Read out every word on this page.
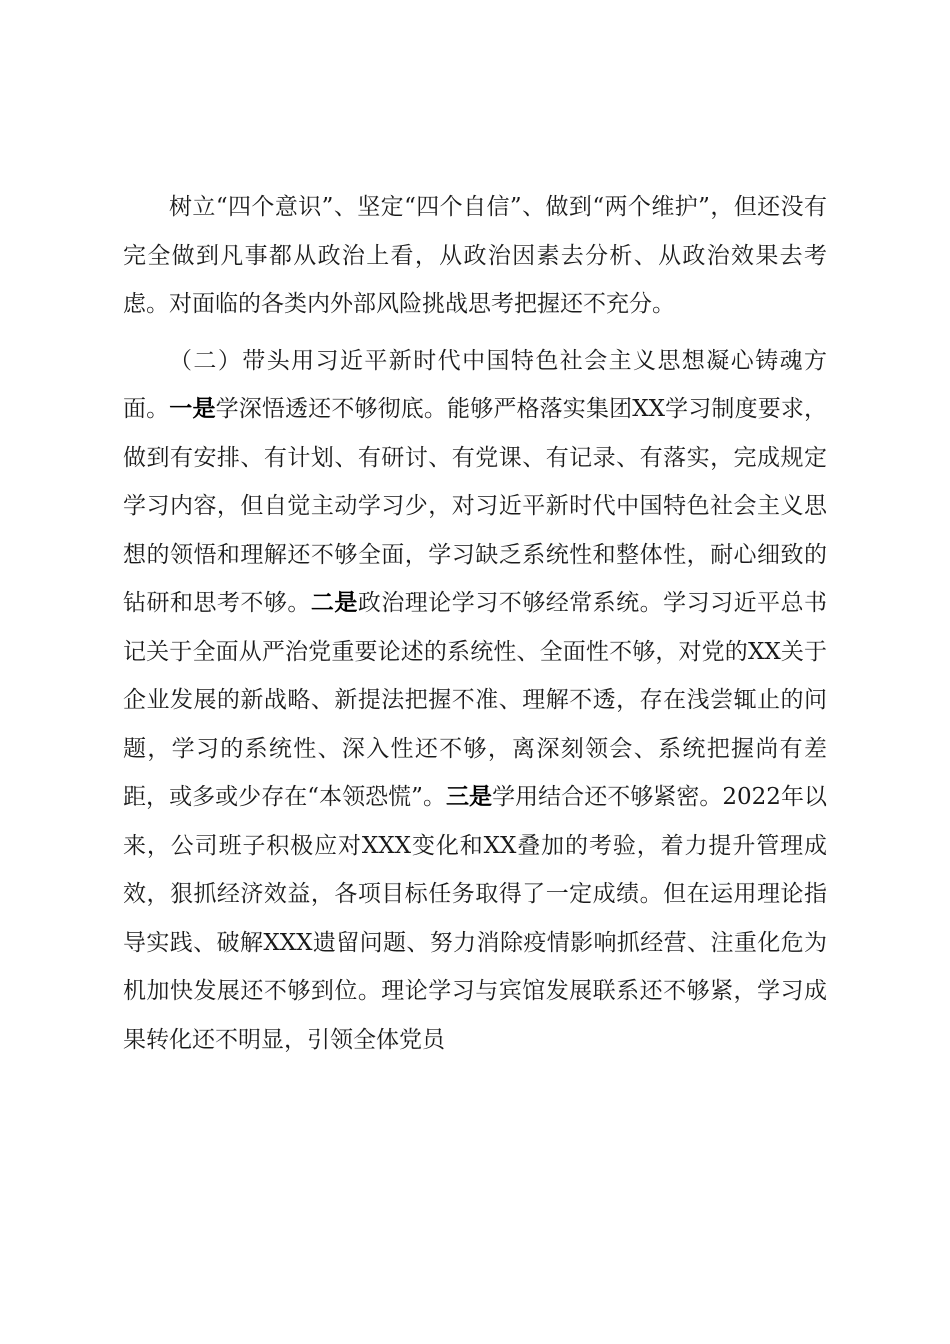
树立“四个意识”、坚定“四个自信”、做到“两个维护”，但还没有完全做到凡事都从政治上看，从政治因素去分析、从政治效果去考虑。对面临的各类内外部风险挑战思考把握还不充分。

（二）带头用习近平新时代中国特色社会主义思想凝心铸魂方面。一是学深悟透还不够彻底。能够严格落实集团XX学习制度要求，做到有安排、有计划、有研讨、有党课、有记录、有落实，完成规定学习内容，但自觉主动学习少，对习近平新时代中国特色社会主义思想的领悟和理解还不够全面，学习缺乏系统性和整体性，耐心细致的钻研和思考不够。二是政治理论学习不够经常系统。学习习近平总书记关于全面从严治党重要论述的系统性、全面性不够，对党的XX关于企业发展的新战略、新提法把握不准、理解不透，存在浅尝辄止的问题，学习的系统性、深入性还不够，离深刻领会、系统把握尚有差距，或多或少存在“本领恐慌”。三是学用结合还不够紧密。2022年以来，公司班子积极应对XXX变化和XX叠加的考验，着力提升管理成效，狠抓经济效益，各项目标任务取得了一定成绩。但在运用理论指导实践、破解XXX遗留问题、努力消除疫情影响抓经营、注重化危为机加快发展还不够到位。理论学习与宾馆发展联系还不够紧，学习成果转化还不明显，引领全体党员
